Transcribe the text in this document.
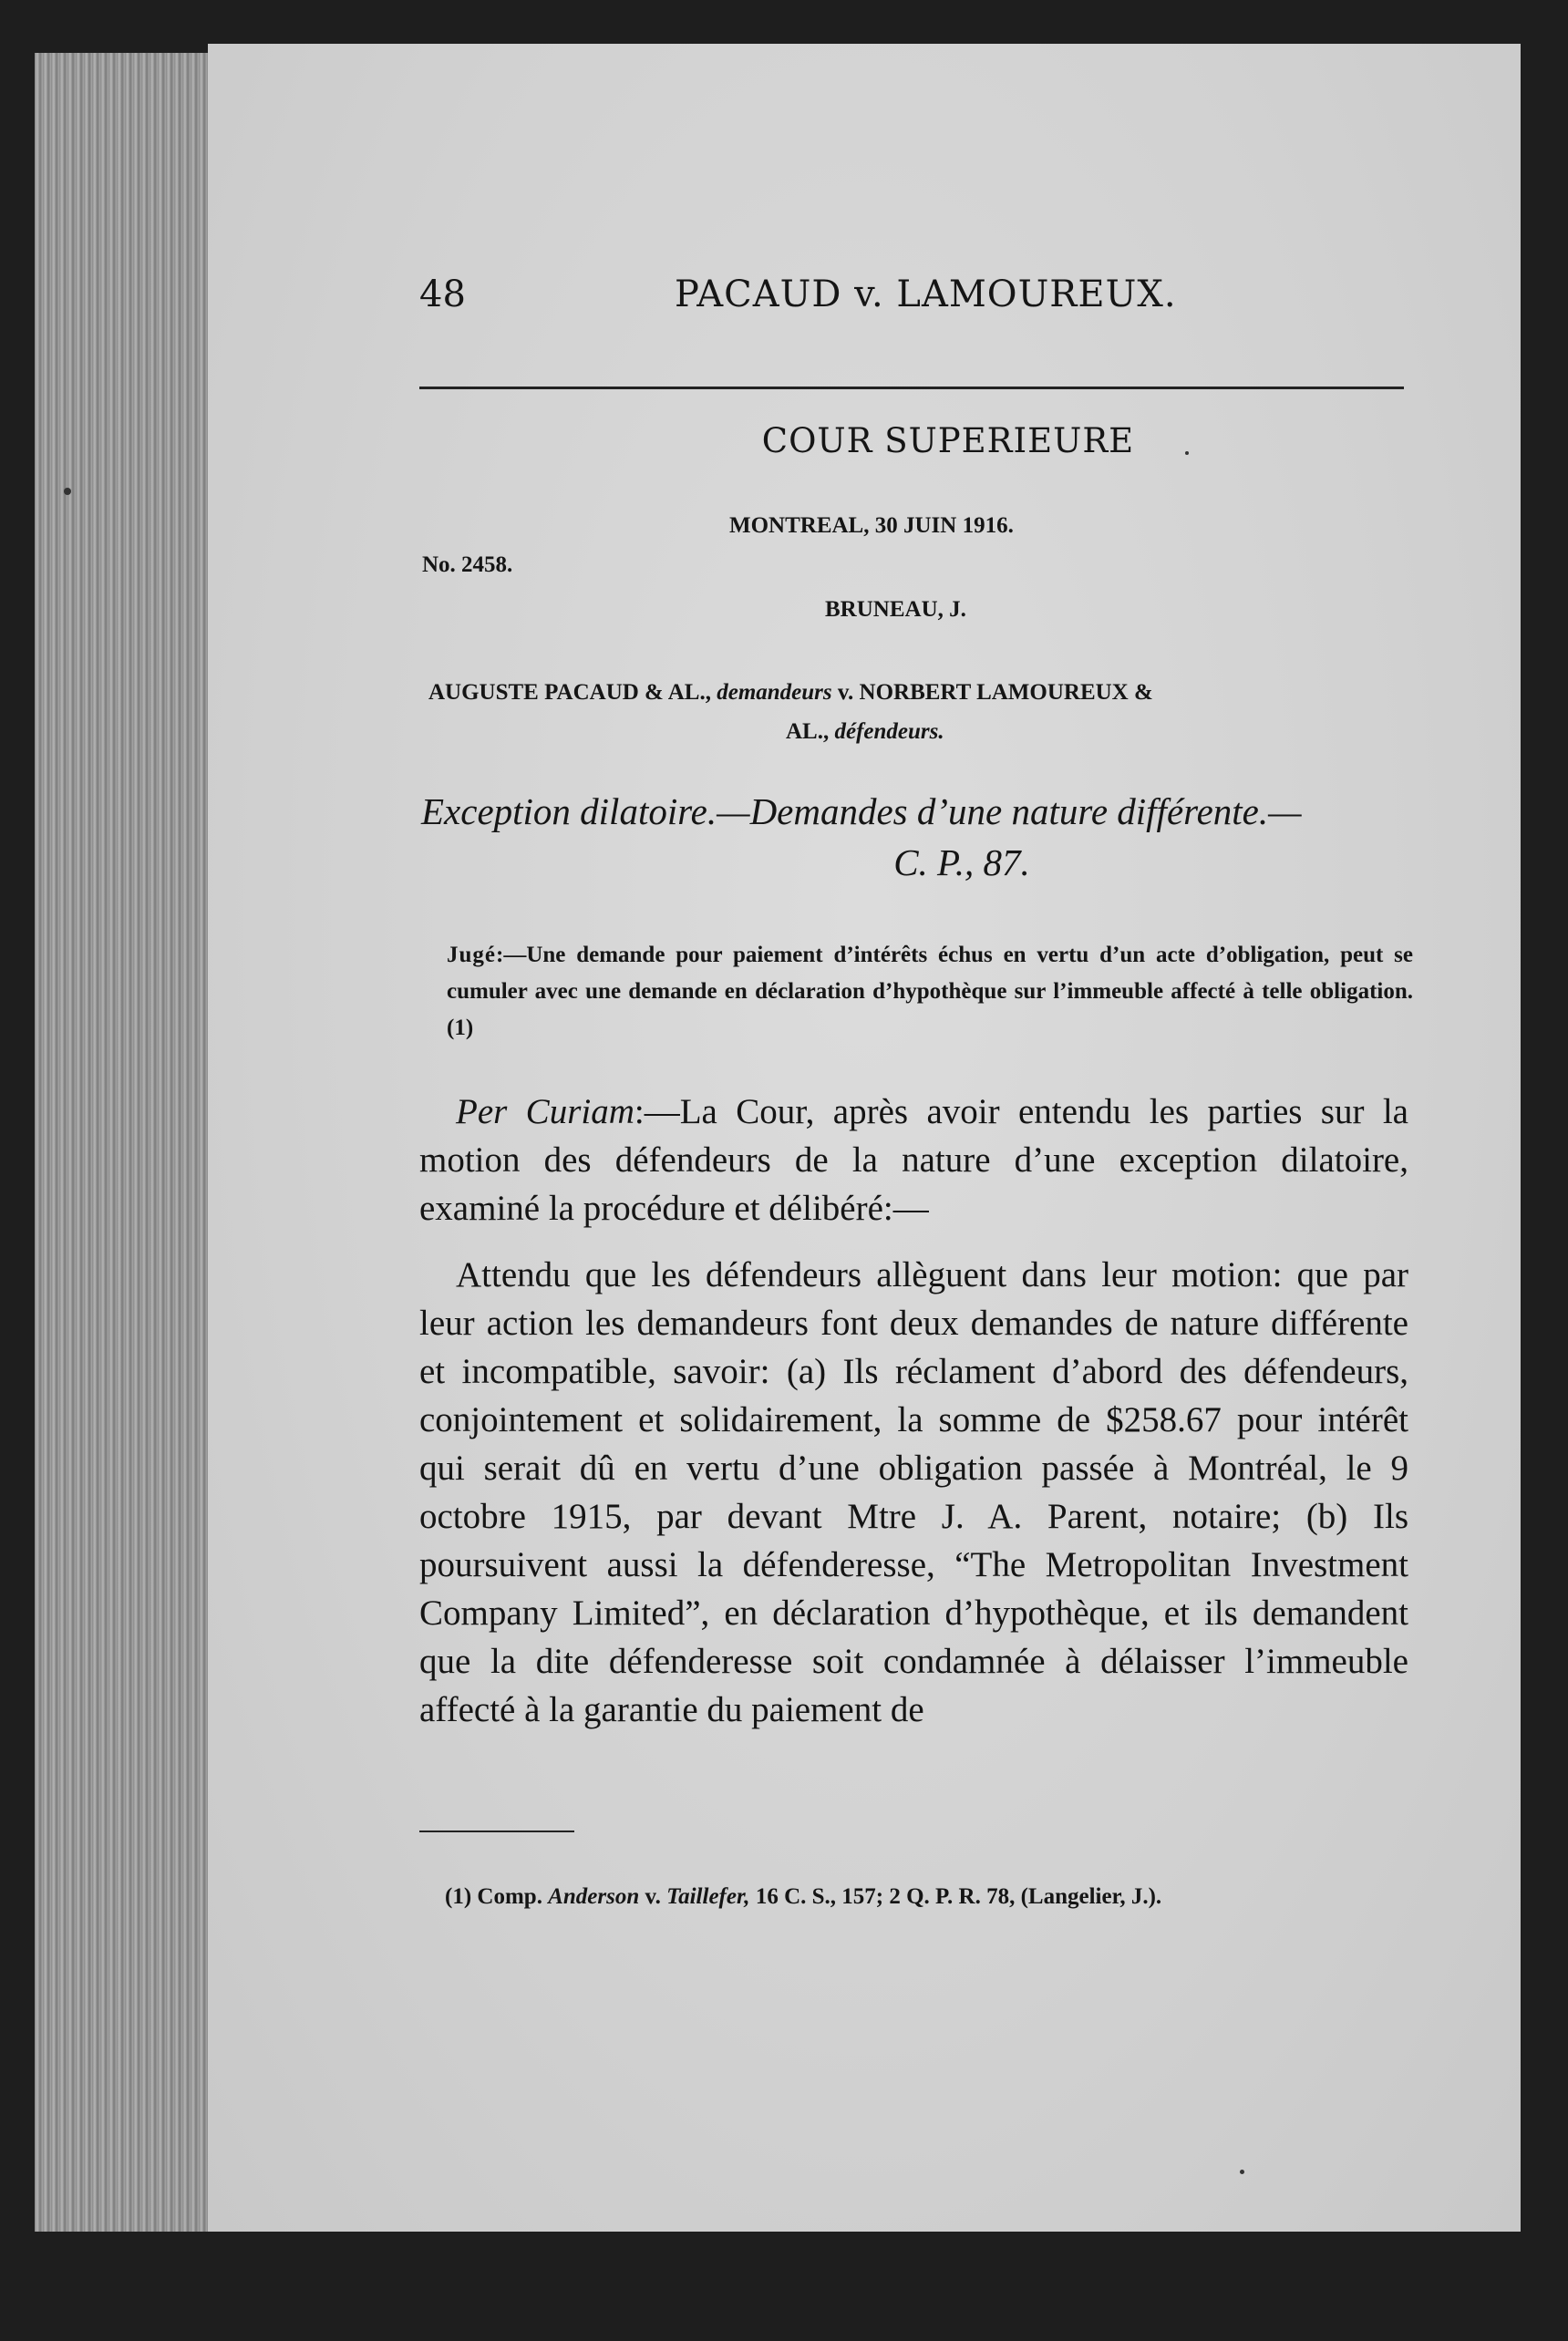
48	PACAUD v. LAMOUREUX.
COUR SUPERIEURE
MONTREAL, 30 JUIN 1916.
No. 2458.
BRUNEAU, J.
AUGUSTE PACAUD & AL., demandeurs v. NORBERT LAMOUREUX &
AL., défendeurs.
Exception dilatoire.—Demandes d’une nature différente.—
C. P., 87.
Jugé:—Une demande pour paiement d’intérêts échus en vertu d’un acte d’obligation, peut se cumuler avec une demande en déclaration d’hypothèque sur l’immeuble affecté à telle obligation. (1)

Per Curiam:—La Cour, après avoir entendu les parties sur la motion des défendeurs de la nature d’une exception dilatoire, examiné la procédure et délibéré:—

Attendu que les défendeurs allèguent dans leur motion: que par leur action les demandeurs font deux demandes de nature différente et incompatible, savoir: (a) Ils réclament d’abord des défendeurs, conjointement et solidairement, la somme de $258.67 pour intérêt qui serait dû en vertu d’une obligation passée à Montréal, le 9 octobre 1915, par devant Mtre J. A. Parent, notaire; (b) Ils poursuivent aussi la défenderesse, “The Metropolitan Investment Company Limited”, en déclaration d’hypothèque, et ils demandent que la dite défenderesse soit condamnée à délaisser l’immeuble affecté à la garantie du paiement de

(1) Comp. Anderson v. Taillefer, 16 C. S., 157; 2 Q. P. R. 78, (Langelier, J.).
